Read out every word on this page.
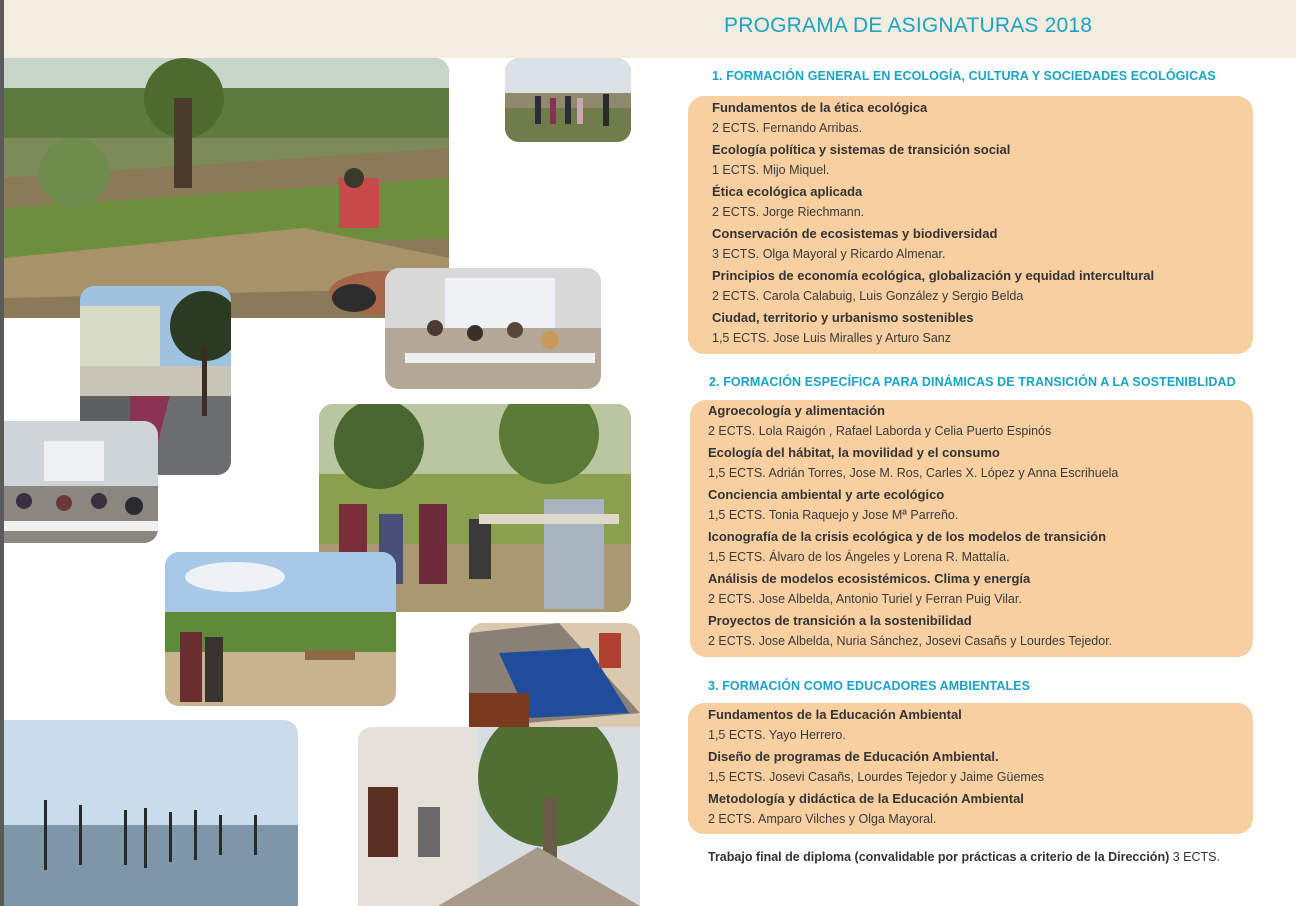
PROGRAMA DE ASIGNATURAS 2018
1. FORMACIÓN GENERAL EN ECOLOGÍA, CULTURA Y SOCIEDADES ECOLÓGICAS
Fundamentos de la ética ecológica
2 ECTS. Fernando Arribas.
Ecología política y sistemas de transición social
1 ECTS. Mijo Miquel.
Ética ecológica aplicada
2 ECTS. Jorge Riechmann.
Conservación de ecosistemas y biodiversidad
3 ECTS. Olga Mayoral y Ricardo Almenar.
Principios de economía ecológica, globalización y equidad intercultural
2 ECTS. Carola Calabuig, Luis González y Sergio Belda
Ciudad, territorio y urbanismo sostenibles
1,5 ECTS. Jose Luis Miralles y Arturo Sanz
2. FORMACIÓN ESPECÍFICA PARA DINÁMICAS DE TRANSICIÓN A LA SOSTENIBLIDAD
Agroecología y alimentación
2 ECTS. Lola Raigón , Rafael Laborda y Celia Puerto Espinós
Ecología del hábitat, la movilidad y el consumo
1,5 ECTS. Adrián Torres, Jose M. Ros, Carles X. López y Anna Escrihuela
Conciencia ambiental y arte ecológico
1,5 ECTS. Tonia Raquejo y Jose Mª Parreño.
Iconografía de la crisis ecológica y de los modelos de transición
1,5 ECTS. Álvaro de los Ángeles y Lorena R. Mattalía.
Análisis de modelos ecosistémicos. Clima y energía
2 ECTS. Jose Albelda, Antonio Turiel y Ferran Puig Vilar.
Proyectos de transición a la sostenibilidad
2 ECTS. Jose Albelda, Nuria Sánchez, Josevi Casañs y Lourdes Tejedor.
3. FORMACIÓN COMO EDUCADORES AMBIENTALES
Fundamentos de la Educación Ambiental
1,5 ECTS. Yayo Herrero.
Diseño de programas de Educación Ambiental.
1,5 ECTS. Josevi Casañs, Lourdes Tejedor y Jaime Güemes
Metodología y didáctica de la Educación Ambiental
2 ECTS. Amparo Vilches y Olga Mayoral.
Trabajo final de diploma (convalidable por prácticas a criterio de la Dirección) 3 ECTS.
